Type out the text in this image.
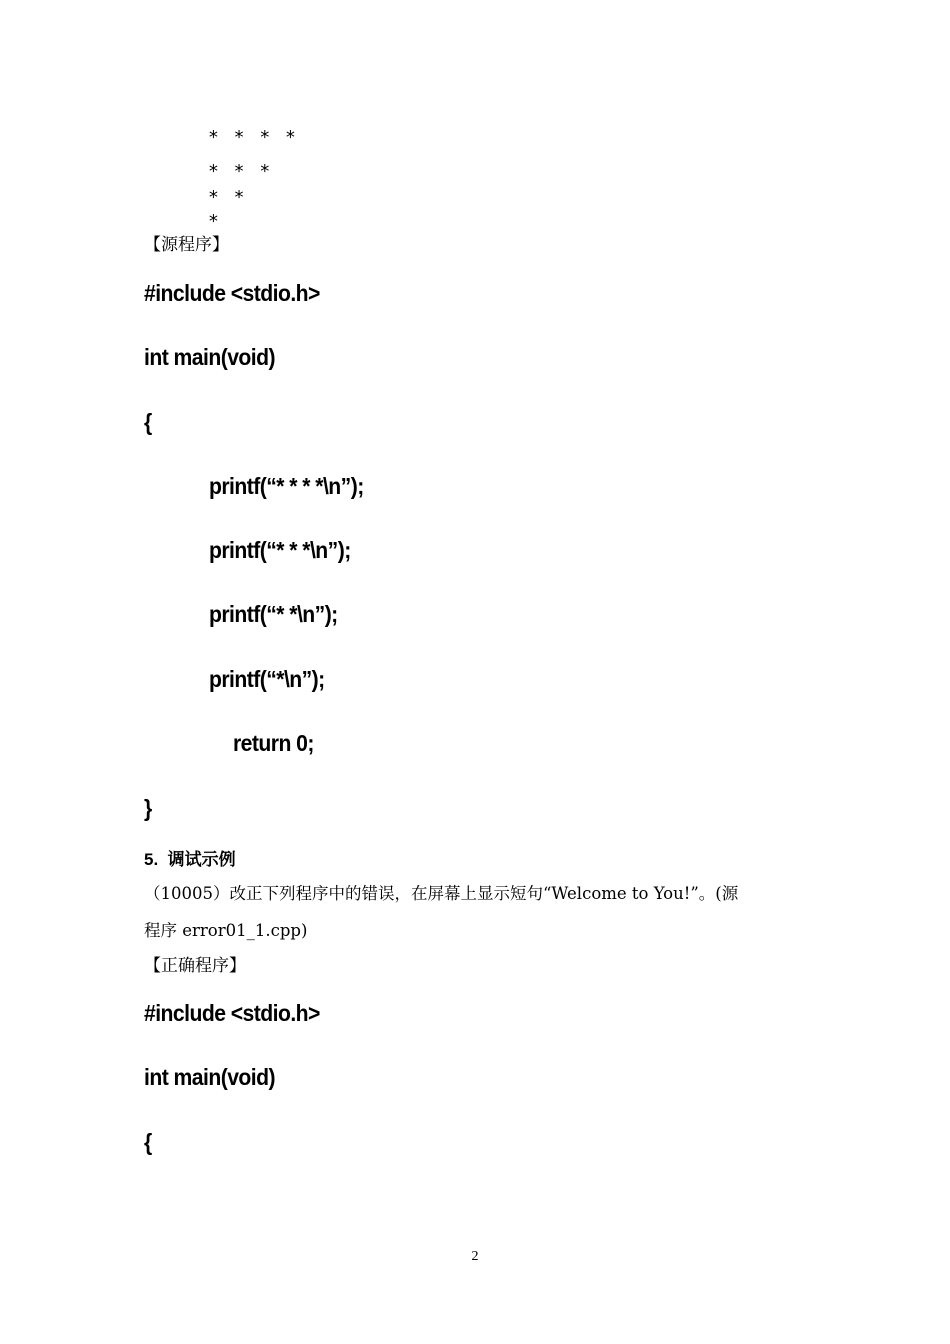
* * * *
* * *
* *
*
【源程序】
#include <stdio.h>
int main(void)
{
printf(“* * * *\n”);
printf(“* * *\n”);
printf(“* *\n”);
printf(“*\n”);
return 0;
}
5.  调试示例
（10005）改正下列程序中的错误，在屏幕上显示短句“Welcome to You!”。(源
程序 error01_1.cpp)
【正确程序】
#include <stdio.h>
int main(void)
{
2
